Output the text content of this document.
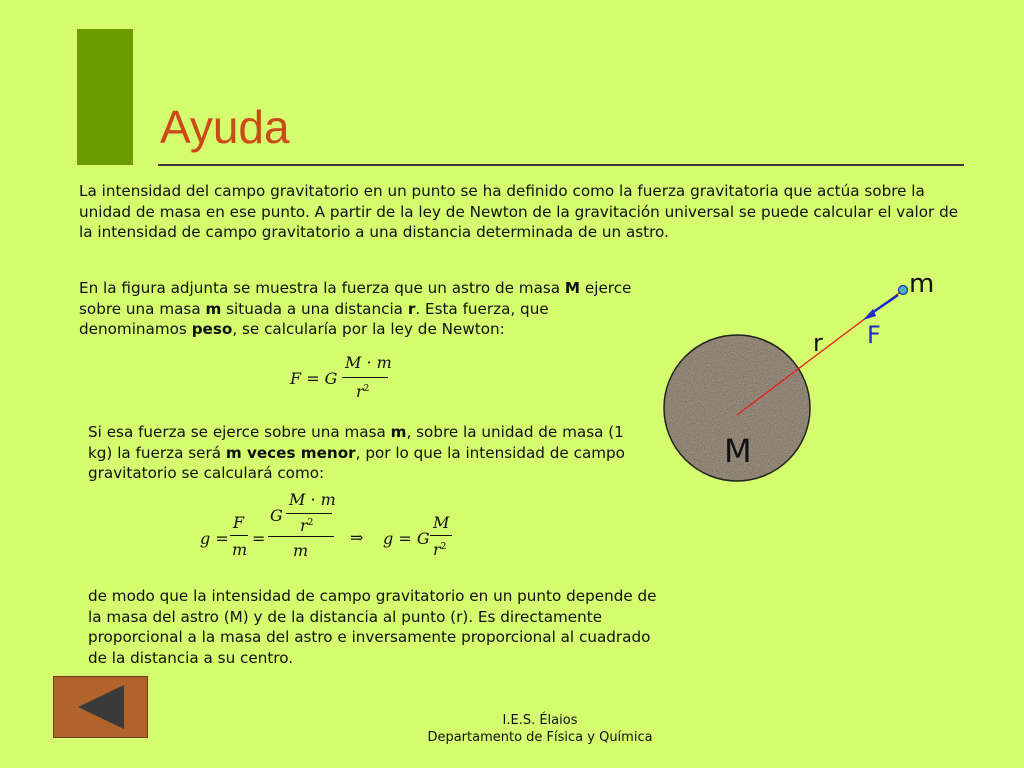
Ayuda

La intensidad del campo gravitatorio en un punto se ha definido como la fuerza gravitatoria que actúa sobre la unidad de masa en ese punto. A partir de la ley de Newton de la gravitación universal se puede calcular el valor de la intensidad de campo gravitatorio a una distancia determinada de un astro.

En la figura adjunta se muestra la fuerza que un astro de masa M ejerce sobre una masa m situada a una distancia r. Esta fuerza, que denominamos peso, se calcularía por la ley de Newton:

F = G
M · m
$r^2$

Si esa fuerza se ejerce sobre una masa m, sobre la unidad de masa (1 kg) la fuerza será m veces menor, por lo que la intensidad de campo gravitatorio se calculará como:

g =
F
m
=
G
M · m
$r^2$
m
⇒ g = G
M
$r^2$

de modo que la intensidad de campo gravitatorio en un punto depende de la masa del astro (M) y de la distancia al punto (r). Es directamente proporcional a la masa del astro e inversamente proporcional al cuadrado de la distancia a su centro.

m
F
r
M
I.E.S. Élaios
Departamento de Física y Química
